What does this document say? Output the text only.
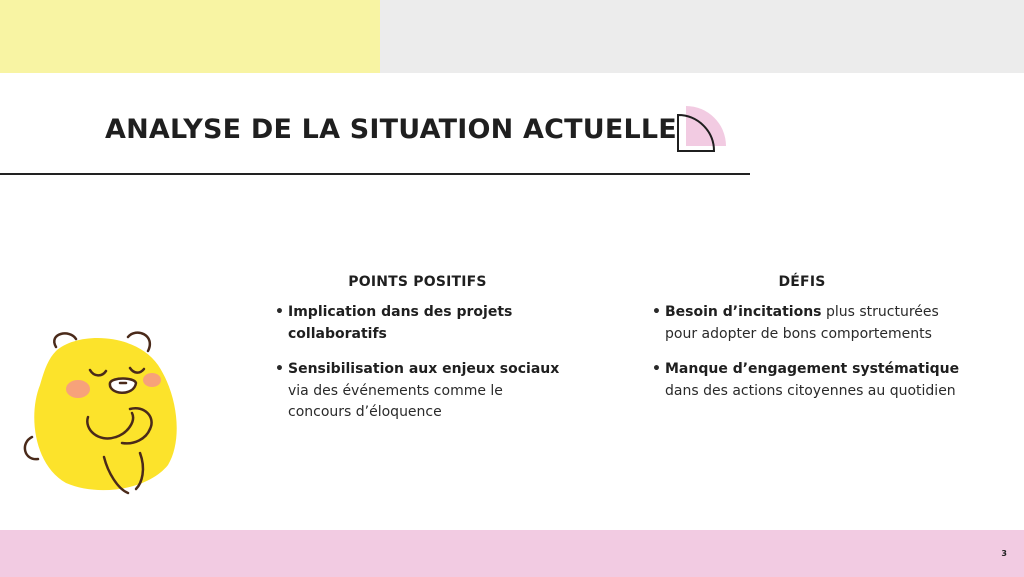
ANALYSE DE LA SITUATION ACTUELLE
POINTS POSITIFS
• Implication dans des projets collaboratifs
• Sensibilisation aux enjeux sociaux via des événements comme le concours d’éloquence
DÉFIS
• Besoin d’incitations plus structurées pour adopter de bons comportements
• Manque d’engagement systématique dans des actions citoyennes au quotidien
3
